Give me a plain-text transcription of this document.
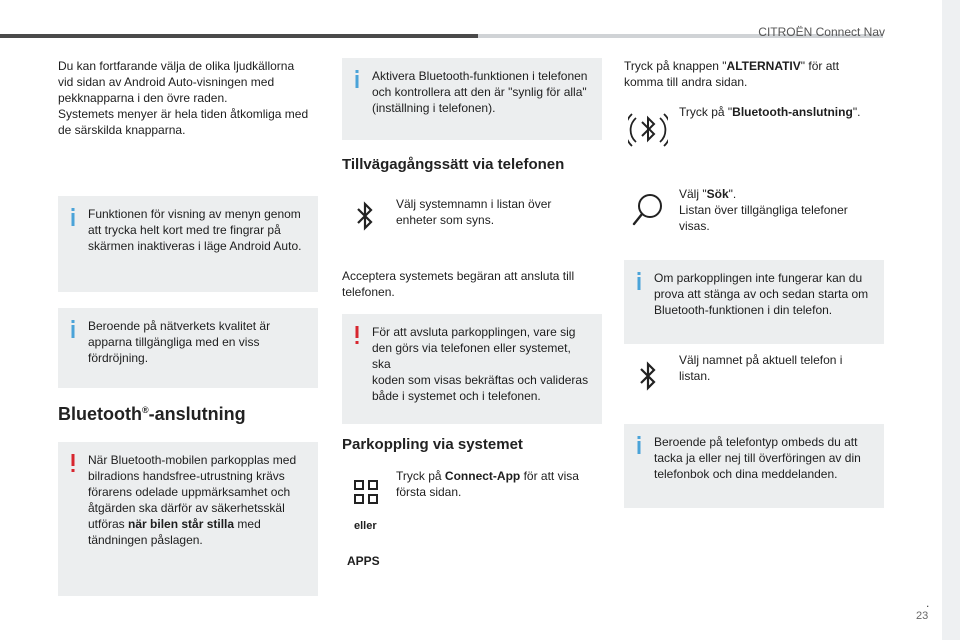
CITROËN Connect Nav
.
23
Du kan fortfarande välja de olika ljudkällorna
vid sidan av Android Auto-visningen med
pekknapparna i den övre raden.
Systemets menyer är hela tiden åtkomliga med
de särskilda knapparna.
Funktionen för visning av menyn genom
att trycka helt kort med tre fingrar på
skärmen inaktiveras i läge Android Auto.
Beroende på nätverkets kvalitet är
apparna tillgängliga med en viss
fördröjning.
Bluetooth®-anslutning
När Bluetooth-mobilen parkopplas med
bilradions handsfree-utrustning krävs
förarens odelade uppmärksamhet och
åtgärden ska därför av säkerhetsskäl
utföras när bilen står stilla med
tändningen påslagen.
Aktivera Bluetooth-funktionen i telefonen
och kontrollera att den är "synlig för alla"
(inställning i telefonen).
Tillvägagångssätt via telefonen
Välj systemnamn i listan över
enheter som syns.
Acceptera systemets begäran att ansluta till
telefonen.
För att avsluta parkopplingen, vare sig
den görs via telefonen eller systemet, ska
koden som visas bekräftas och valideras
både i systemet och i telefonen.
Parkoppling via systemet
Tryck på Connect-App för att visa
första sidan.
eller
APPS
Tryck på knappen "ALTERNATIV" för att
komma till andra sidan.
Tryck på "Bluetooth-anslutning".
Välj "Sök".
Listan över tillgängliga telefoner
visas.
Om parkopplingen inte fungerar kan du
prova att stänga av och sedan starta om
Bluetooth-funktionen i din telefon.
Välj namnet på aktuell telefon i
listan.
Beroende på telefontyp ombeds du att
tacka ja eller nej till överföringen av din
telefonbok och dina meddelanden.
